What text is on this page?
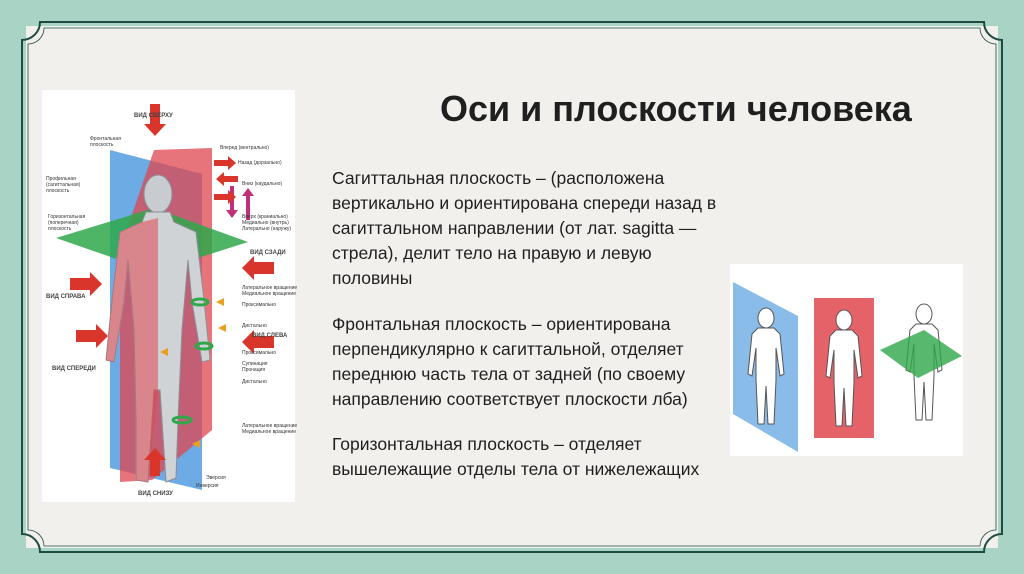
Оси и плоскости человека

Сагиттальная плоскость – (расположена вертикально и ориентирована спереди назад в сагиттальном направлении (от лат. sagitta — стрела), делит тело на правую и левую половины

Фронтальная плоскость – ориентирована перпендикулярно к сагиттальной, отделяет переднюю часть тела от задней (по своему направлению соответствует плоскости лба)

Горизонтальная плоскость – отделяет вышележащие отделы тела от нижележащих

ВИД СВЕРХУ
Фронтальная плоскость
Профильная (сагиттальная) плоскость
Горизонтальная (поперечная) плоскость
Вперед (вентрально)
Назад (дорзально)
Вниз (каудально)
Вверх (краниально)
Медиально (внутрь)
Латерально (наружу)
ВИД СЗАДИ
Латеральное вращение
Медиальное вращение
Проксимально
ВИД СПРАВА
Дистально
ВИД СЛЕВА
ВИД СПЕРЕДИ
Проксимально
Супинация
Пронация
Дистально
Латеральное вращение
Медиальное вращение
Эверсия
Инверсия
ВИД СНИЗУ
